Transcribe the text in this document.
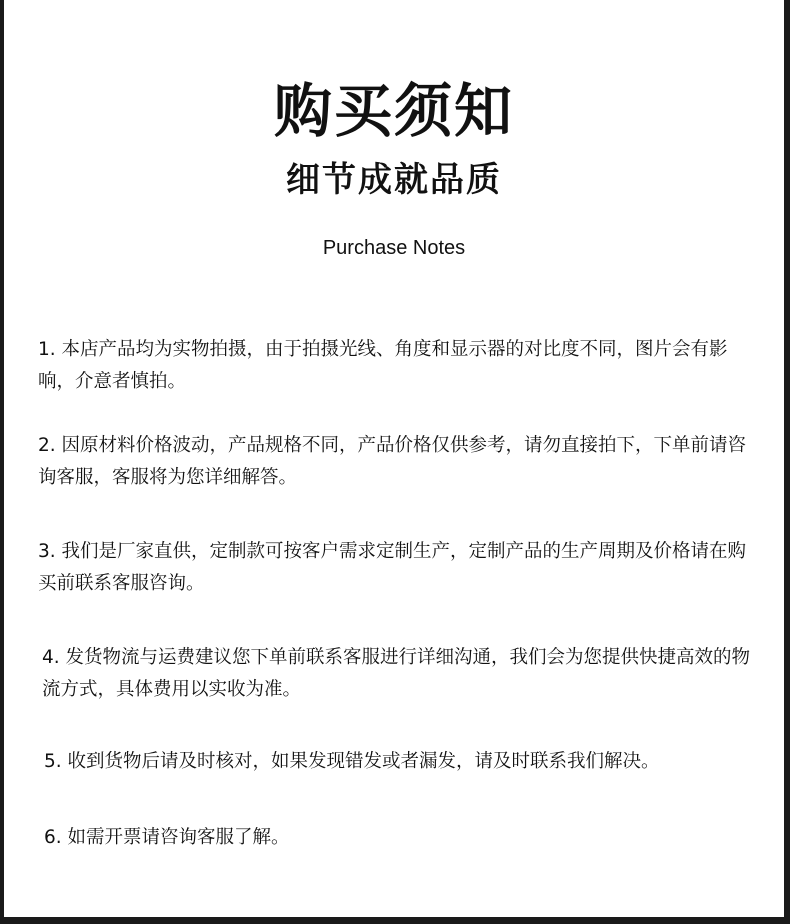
购买须知
细节成就品质

Purchase Notes

1. 本店产品均为实物拍摄，由于拍摄光线、角度和显示器的对比度不同，图片会有影响，介意者慎拍。

2. 因原材料价格波动，产品规格不同，产品价格仅供参考，请勿直接拍下，下单前请咨询客服，客服将为您详细解答。

3. 我们是厂家直供，定制款可按客户需求定制生产，定制产品的生产周期及价格请在购买前联系客服咨询。

4. 发货物流与运费建议您下单前联系客服进行详细沟通，我们会为您提供快捷高效的物流方式，具体费用以实收为准。

5. 收到货物后请及时核对，如果发现错发或者漏发，请及时联系我们解决。

6. 如需开票请咨询客服了解。
